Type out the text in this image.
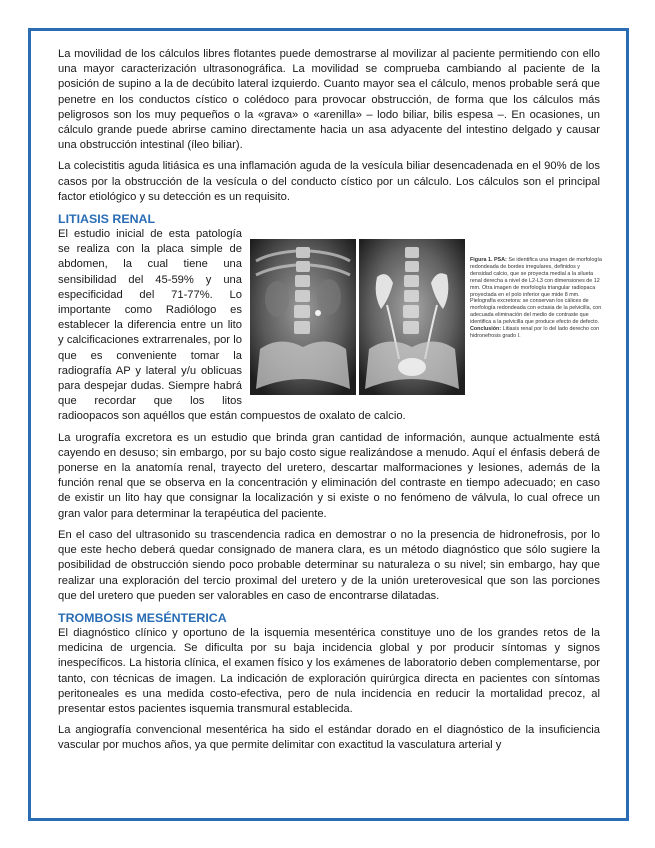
La movilidad de los cálculos libres flotantes puede demostrarse al movilizar al paciente permitiendo con ello una mayor caracterización ultrasonográfica. La movilidad se comprueba cambiando al paciente de la posición de supino a la de decúbito lateral izquierdo. Cuanto mayor sea el cálculo, menos probable será que penetre en los conductos cístico o colédoco para provocar obstrucción, de forma que los cálculos más peligrosos son los muy pequeños o la «grava» o «arenilla» – lodo biliar, bilis espesa –. En ocasiones, un cálculo grande puede abrirse camino directamente hacia un asa adyacente del intestino delgado y causar una obstrucción intestinal (íleo biliar).

La colecistitis aguda litiásica es una inflamación aguda de la vesícula biliar desencadenada en el 90% de los casos por la obstrucción de la vesícula o del conducto cístico por un cálculo. Los cálculos son el principal factor etiológico y su detección es un requisito.

LITIASIS RENAL
Figura 1. PSA: Se identifica una imagen de morfología redondeada de bordes irregulares, definidos y densidad calcio, que se proyecta medial a la silueta renal derecha a nivel de L2-L3 con dimensiones de 12 mm. Otra imagen de morfología triangular radiopaca proyectada en el polo inferior que mide 8 mm. Pielografía excretora: se conservan los cálices de morfología redondeada con ectasia de la pelvicilla, con adecuada eliminación del medio de contraste que identifica a la pelvicilla que produce efecto de defecto.
Conclusión: Litiasis renal por lo del lado derecho con hidronefrosis grado I.

El estudio inicial de esta patología se realiza con la placa simple de abdomen, la cual tiene una sensibilidad del 45-59% y una especificidad del 71-77%. Lo importante como Radiólogo es establecer la diferencia entre un lito y calcificaciones extrarrenales, por lo que es conveniente tomar la radiografía AP y lateral y/u oblicuas para despejar dudas. Siempre habrá que recordar que los litos radioopacos son aquéllos que están compuestos de oxalato de calcio.

La urografía excretora es un estudio que brinda gran cantidad de información, aunque actualmente está cayendo en desuso; sin embargo, por su bajo costo sigue realizándose a menudo. Aquí el énfasis deberá de ponerse en la anatomía renal, trayecto del uretero, descartar malformaciones y lesiones, además de la función renal que se observa en la concentración y eliminación del contraste en tiempo adecuado; en caso de existir un lito hay que consignar la localización y si existe o no fenómeno de válvula, lo cual ofrece un gran valor para determinar la terapéutica del paciente.

En el caso del ultrasonido su trascendencia radica en demostrar o no la presencia de hidronefrosis, por lo que este hecho deberá quedar consignado de manera clara, es un método diagnóstico que sólo sugiere la posibilidad de obstrucción siendo poco probable determinar su naturaleza o su nivel; sin embargo, hay que realizar una exploración del tercio proximal del uretero y de la unión ureterovesical que son las porciones que del uretero que pueden ser valorables en caso de encontrarse dilatadas.

TROMBOSIS MESÉNTERICA

El diagnóstico clínico y oportuno de la isquemia mesentérica constituye uno de los grandes retos de la medicina de urgencia. Se dificulta por su baja incidencia global y por producir síntomas y signos inespecíficos. La historia clínica, el examen físico y los exámenes de laboratorio deben complementarse, por tanto, con técnicas de imagen. La indicación de exploración quirúrgica directa en pacientes con síntomas peritoneales es una medida costo-efectiva, pero de nula incidencia en reducir la mortalidad precoz, al presentar estos pacientes isquemia transmural establecida.

La angiografía convencional mesentérica ha sido el estándar dorado en el diagnóstico de la insuficiencia vascular por muchos años, ya que permite delimitar con exactitud la vasculatura arterial y
